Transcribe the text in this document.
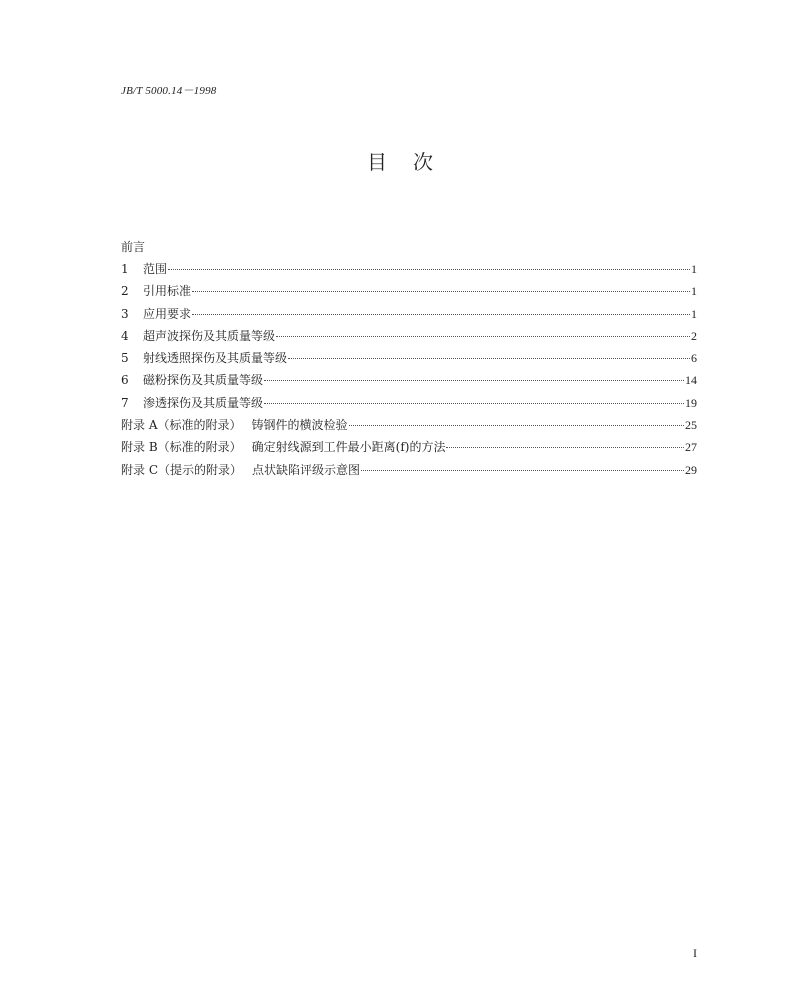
JB/T 5000.14－1998
目次
前言
1	范围	1
2	引用标准	1
3	应用要求	1
4	超声波探伤及其质量等级	2
5	射线透照探伤及其质量等级	6
6	磁粉探伤及其质量等级	14
7	渗透探伤及其质量等级	19
附录 A（标准的附录） 铸钢件的横波检验	25
附录 B（标准的附录） 确定射线源到工件最小距离(f)的方法	27
附录 C（提示的附录） 点状缺陷评级示意图	29
I
